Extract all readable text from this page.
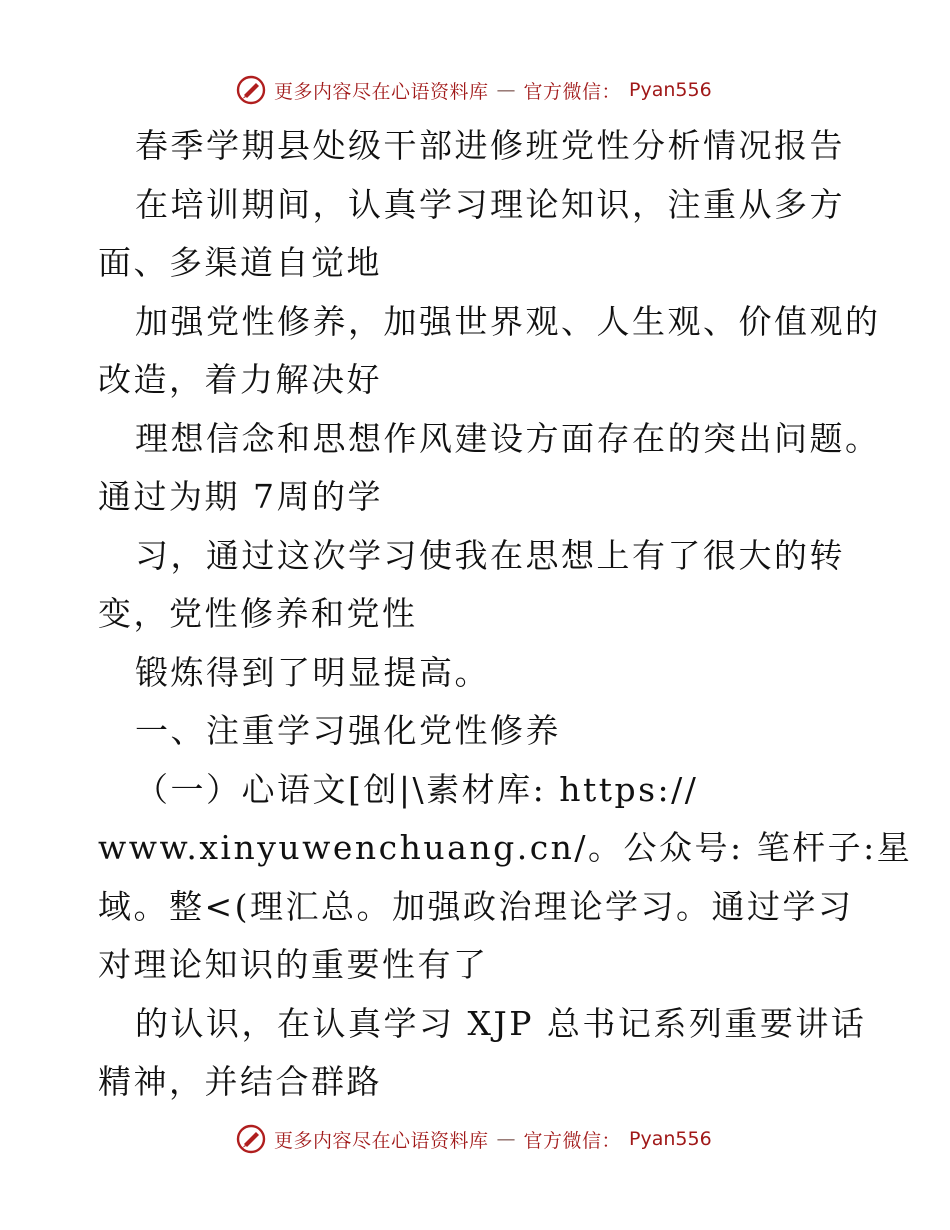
更多内容尽在心语资料库 — 官方微信： Pyan556
春季学期县处级干部进修班党性分析情况报告
在培训期间，认真学习理论知识，注重从多方
面、多渠道自觉地
加强党性修养，加强世界观、人生观、价值观的
改造，着力解决好
理想信念和思想作风建设方面存在的突出问题。
通过为期 7周的学
习，通过这次学习使我在思想上有了很大的转
变，党性修养和党性
锻炼得到了明显提高。
一、注重学习强化党性修养
（一）心语文[创|\素材库: https://
www.xinyuwenchuang.cn/。公众号: 笔杆子:星
域。整<(理汇总。加强政治理论学习。通过学习
对理论知识的重要性有了
的认识，在认真学习 XJP 总书记系列重要讲话
精神，并结合群路
更多内容尽在心语资料库 — 官方微信： Pyan556
